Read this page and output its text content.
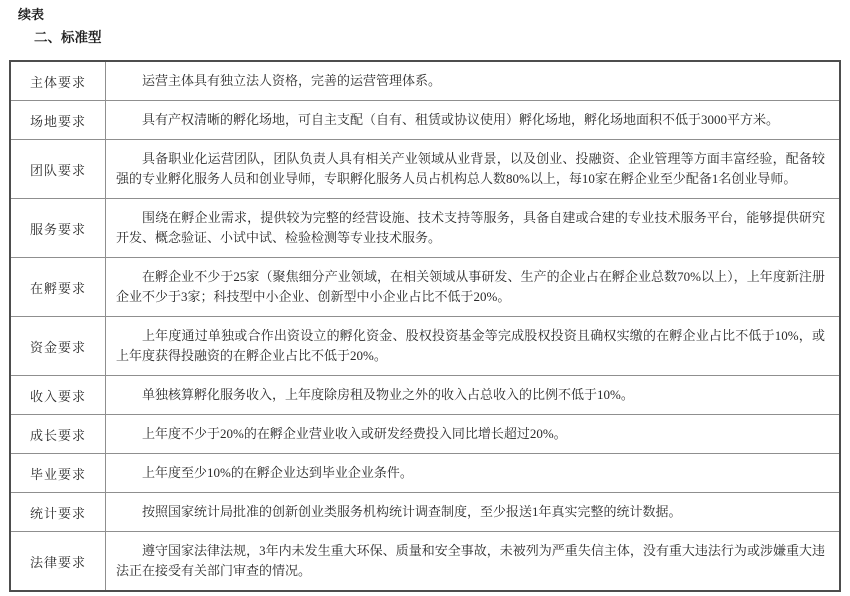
续表
二、标准型
主体要求	运营主体具有独立法人资格，完善的运营管理体系。
场地要求	具有产权清晰的孵化场地，可自主支配（自有、租赁或协议使用）孵化场地，孵化场地面积不低于3000平方米。
团队要求	具备职业化运营团队，团队负责人具有相关产业领域从业背景，以及创业、投融资、企业管理等方面丰富经验，配备较强的专业孵化服务人员和创业导师，专职孵化服务人员占机构总人数80%以上，每10家在孵企业至少配备1名创业导师。
服务要求	围绕在孵企业需求，提供较为完整的经营设施、技术支持等服务，具备自建或合建的专业技术服务平台，能够提供研究开发、概念验证、小试中试、检验检测等专业技术服务。
在孵要求	在孵企业不少于25家（聚焦细分产业领域，在相关领域从事研发、生产的企业占在孵企业总数70%以上），上年度新注册企业不少于3家；科技型中小企业、创新型中小企业占比不低于20%。
资金要求	上年度通过单独或合作出资设立的孵化资金、股权投资基金等完成股权投资且确权实缴的在孵企业占比不低于10%，或上年度获得投融资的在孵企业占比不低于20%。
收入要求	单独核算孵化服务收入，上年度除房租及物业之外的收入占总收入的比例不低于10%。
成长要求	上年度不少于20%的在孵企业营业收入或研发经费投入同比增长超过20%。
毕业要求	上年度至少10%的在孵企业达到毕业企业条件。
统计要求	按照国家统计局批准的创新创业类服务机构统计调查制度，至少报送1年真实完整的统计数据。
法律要求	遵守国家法律法规，3年内未发生重大环保、质量和安全事故，未被列为严重失信主体，没有重大违法行为或涉嫌重大违法正在接受有关部门审查的情况。
